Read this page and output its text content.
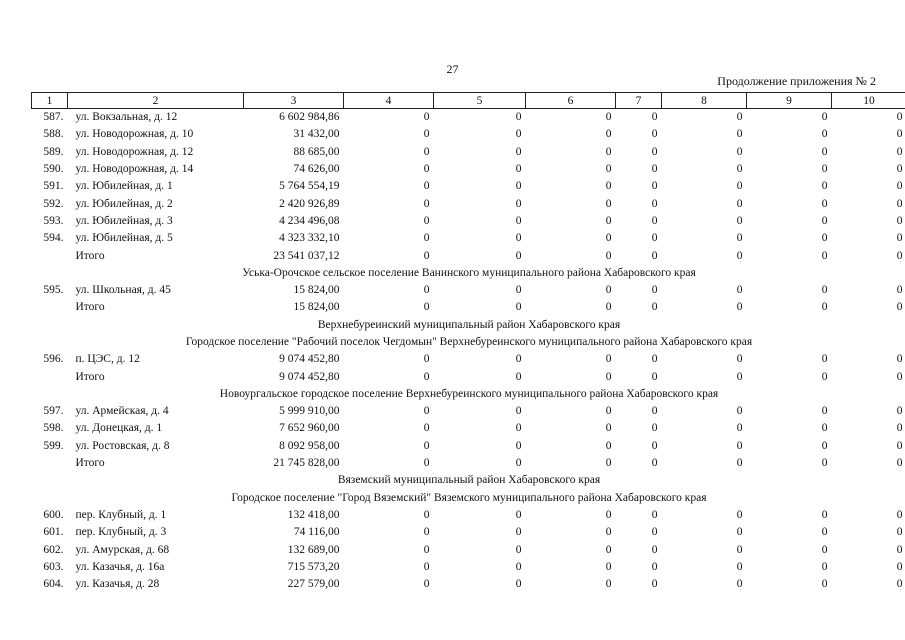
27
Продолжение приложения № 2
1	2	3	4	5	6	7	8	9	10
587.	ул. Вокзальная, д. 12	6 602 984,86	0	0	0	0	0	0	0
588.	ул. Новодорожная, д. 10	31 432,00	0	0	0	0	0	0	0
589.	ул. Новодорожная, д. 12	88 685,00	0	0	0	0	0	0	0
590.	ул. Новодорожная, д. 14	74 626,00	0	0	0	0	0	0	0
591.	ул. Юбилейная, д. 1	5 764 554,19	0	0	0	0	0	0	0
592.	ул. Юбилейная, д. 2	2 420 926,89	0	0	0	0	0	0	0
593.	ул. Юбилейная, д. 3	4 234 496,08	0	0	0	0	0	0	0
594.	ул. Юбилейная, д. 5	4 323 332,10	0	0	0	0	0	0	0
	Итого	23 541 037,12	0	0	0	0	0	0	0
Уська-Орочское сельское поселение Ванинского муниципального района Хабаровского края									
595.	ул. Школьная, д. 45	15 824,00	0	0	0	0	0	0	0
	Итого	15 824,00	0	0	0	0	0	0	0
Верхнебуреинский муниципальный район Хабаровского края									
Городское поселение "Рабочий поселок Чегдомын" Верхнебуреинского муниципального района Хабаровского края									
596.	п. ЦЭС, д. 12	9 074 452,80	0	0	0	0	0	0	0
	Итого	9 074 452,80	0	0	0	0	0	0	0
Новоургальское городское поселение Верхнебуреинского муниципального района Хабаровского края									
597.	ул. Армейская, д. 4	5 999 910,00	0	0	0	0	0	0	0
598.	ул. Донецкая, д. 1	7 652 960,00	0	0	0	0	0	0	0
599.	ул. Ростовская, д. 8	8 092 958,00	0	0	0	0	0	0	0
	Итого	21 745 828,00	0	0	0	0	0	0	0
Вяземский муниципальный район Хабаровского края									
Городское поселение "Город Вяземский" Вяземского муниципального района Хабаровского края									
600.	пер. Клубный, д. 1	132 418,00	0	0	0	0	0	0	0
601.	пер. Клубный, д. 3	74 116,00	0	0	0	0	0	0	0
602.	ул. Амурская, д. 68	132 689,00	0	0	0	0	0	0	0
603.	ул. Казачья, д. 16а	715 573,20	0	0	0	0	0	0	0
604.	ул. Казачья, д. 28	227 579,00	0	0	0	0	0	0	0
